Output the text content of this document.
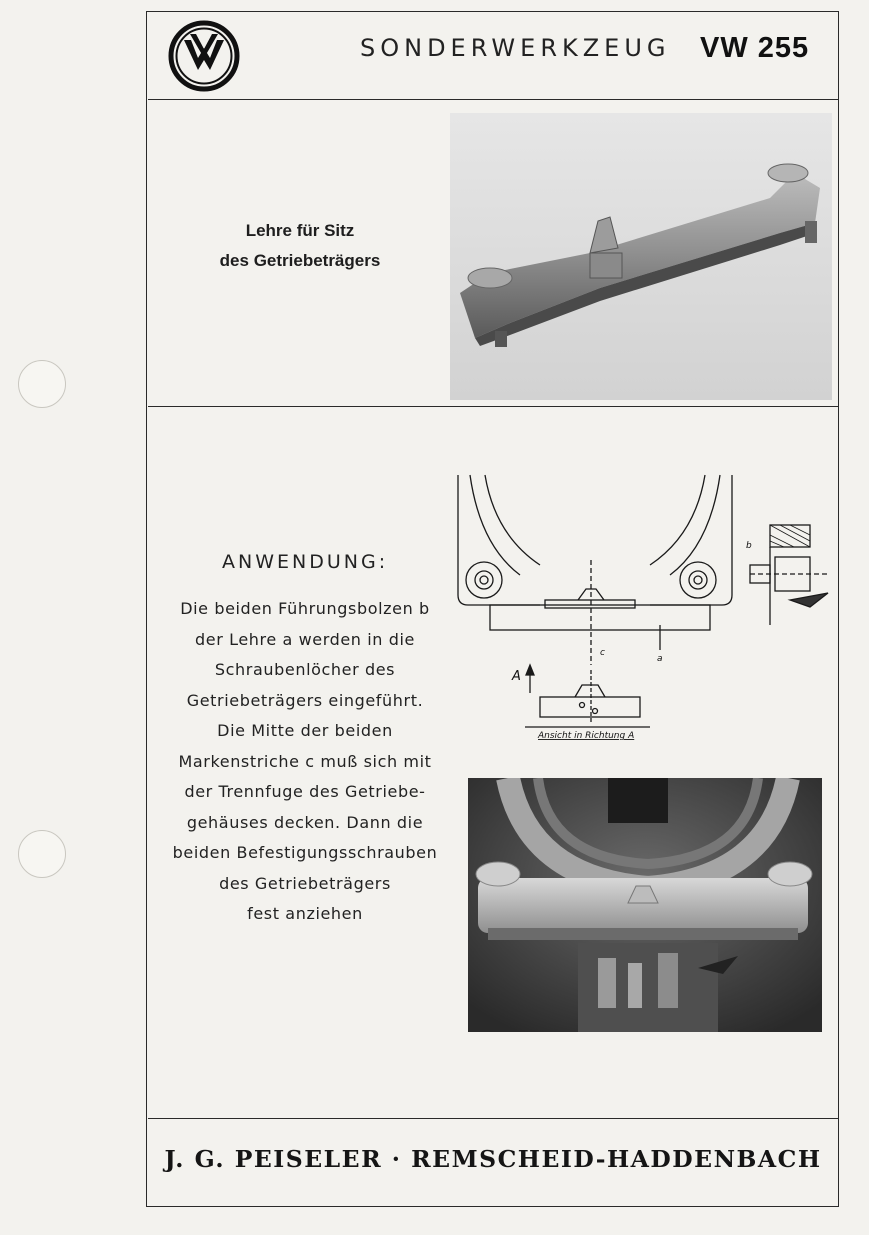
SONDERWERKZEUG VW 255
Lehre für Sitz
des Getriebeträgers
ANWENDUNG:
Die beiden Führungsbolzen b
der Lehre a werden in die
Schraubenlöcher des
Getriebeträgers eingeführt.
Die Mitte der beiden
Markenstriche c muß sich mit
der Trennfuge des Getriebe-
gehäuses decken. Dann die
beiden Befestigungsschrauben
des Getriebeträgers
fest anziehen
b
a
c
A
Ansicht in Richtung A
J. G. PEISELER · REMSCHEID-HADDENBACH
